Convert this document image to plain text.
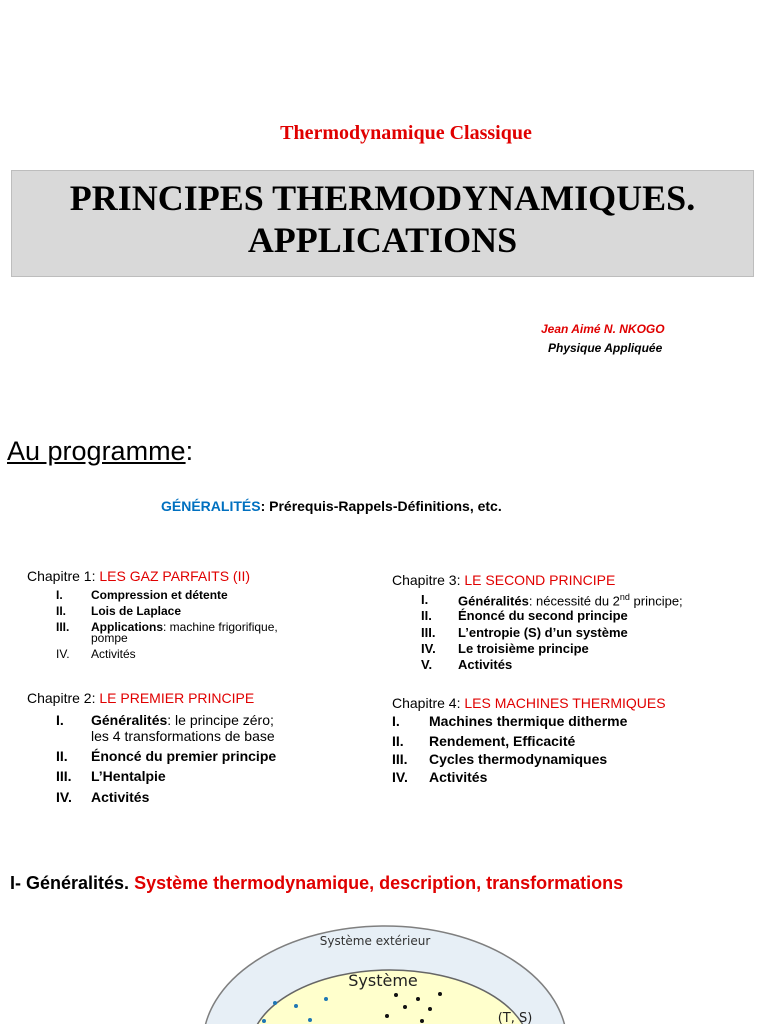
Thermodynamique Classique
PRINCIPES THERMODYNAMIQUES.
APPLICATIONS
Jean Aimé N. NKOGO
Physique Appliquée
Au programme:
GÉNÉRALITÉS: Prérequis-Rappels-Définitions, etc.
Chapitre 1: LES GAZ PARFAITS (II)
I. Compression et détente
II. Lois de Laplace
III. Applications: machine frigorifique,
pompe
IV. Activités
Chapitre 2: LE PREMIER PRINCIPE
I. Généralités: le principe zéro;
les 4 transformations de base
II. Énoncé du premier principe
III. L’Hentalpie
IV. Activités
Chapitre 3: LE SECOND PRINCIPE
I. Généralités: nécessité du 2nd principe;
II. Énoncé du second principe
III. L’entropie (S) d’un système
IV. Le troisième principe
V. Activités
Chapitre 4: LES MACHINES THERMIQUES
I. Machines thermique ditherme
II. Rendement, Efficacité
III. Cycles thermodynamiques
IV. Activités
I- Généralités. Système thermodynamique, description, transformations
Système extérieur
Système
(T, S)
